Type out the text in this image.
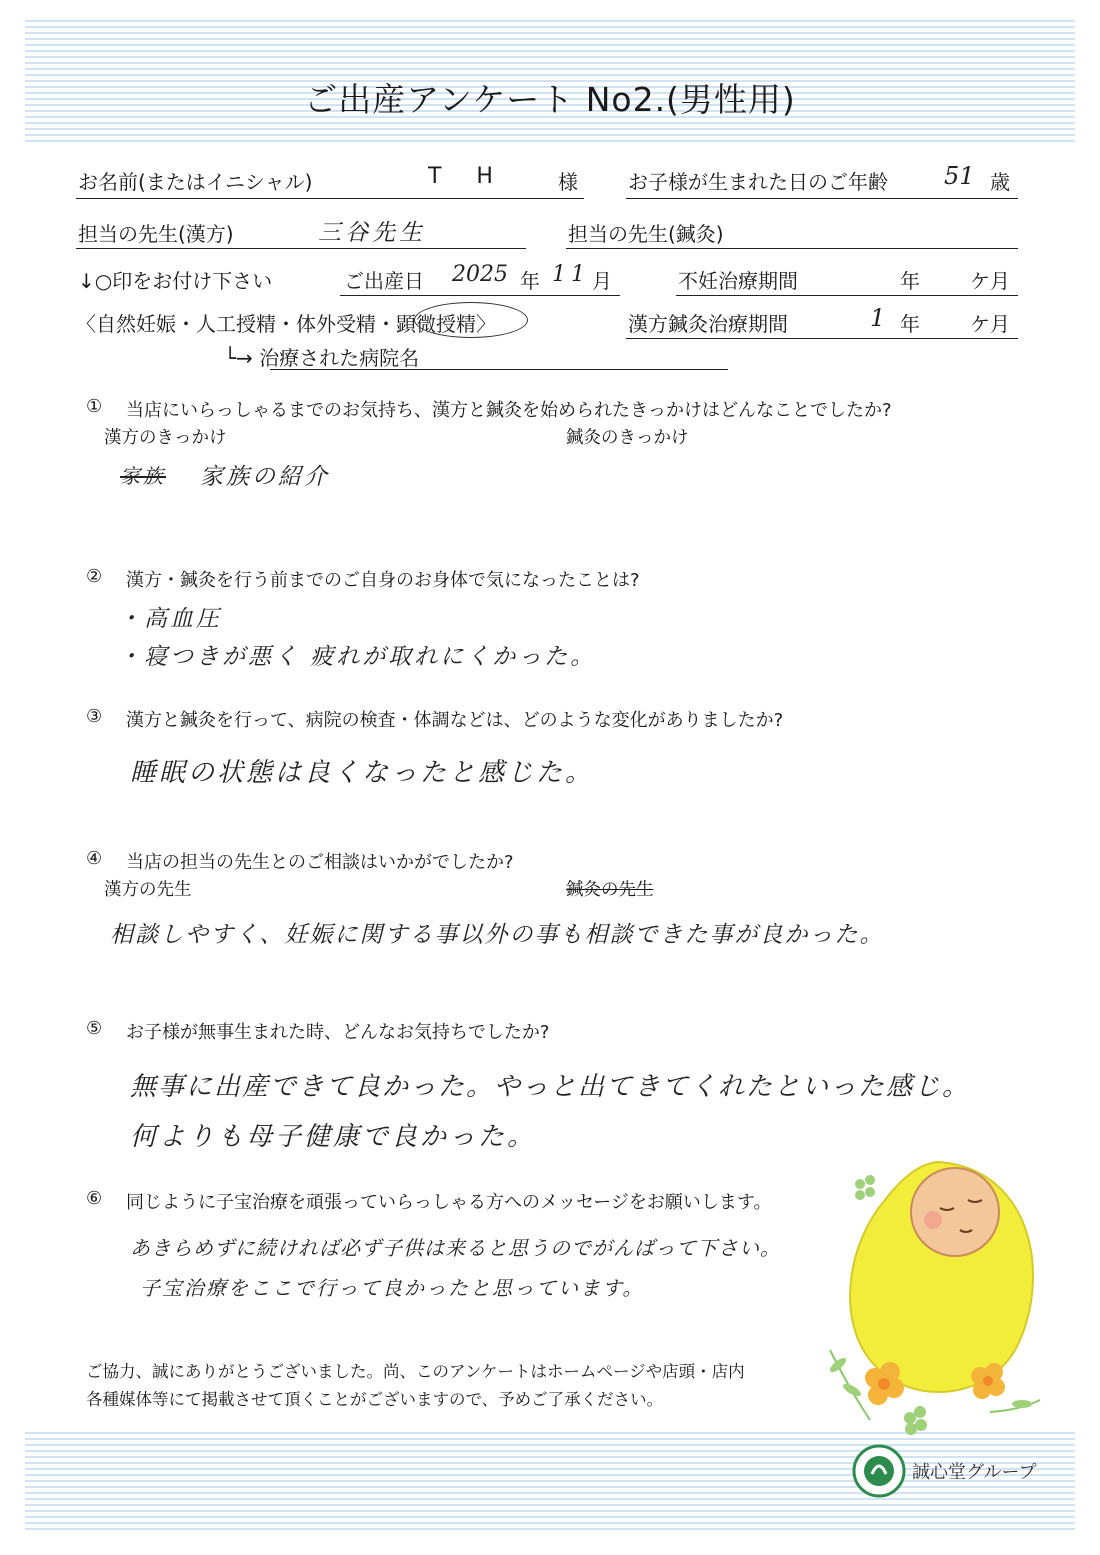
ご出産アンケート No2.(男性用)
お名前(またはイニシャル)	T H	様	お子様が生まれた日のご年齢 51 歳
担当の先生(漢方)	三谷先生	担当の先生(鍼灸)
↓○印をお付け下さい	ご出産日 2025 年 11 月	不妊治療期間	年	ケ月
〈自然妊娠・人工授精・体外受精・顕微授精〉	漢方鍼灸治療期間	1 年	ケ月
└→ 治療された病院名
① 当店にいらっしゃるまでのお気持ち、漢方と鍼灸を始められたきっかけはどんなことでしたか?
漢方のきっかけ	鍼灸のきっかけ
家族 家族の紹介
② 漢方・鍼灸を行う前までのご自身のお身体で気になったことは?
・高血圧
・寝つきが悪く 疲れが取れにくかった。
③ 漢方と鍼灸を行って、病院の検査・体調などは、どのような変化がありましたか?
睡眠の状態は良くなったと感じた。
④ 当店の担当の先生とのご相談はいかがでしたか?
漢方の先生	鍼灸の先生
相談しやすく、妊娠に関する事以外の事も相談できた事が良かった。
⑤ お子様が無事生まれた時、どんなお気持ちでしたか?
無事に出産できて良かった。やっと出てきてくれたといった感じ。
何よりも母子健康で良かった。
⑥ 同じように子宝治療を頑張っていらっしゃる方へのメッセージをお願いします。
あきらめずに続ければ必ず子供は来ると思うのでがんばって下さい。
子宝治療をここで行って良かったと思っています。
ご協力、誠にありがとうございました。尚、このアンケートはホームページや店頭・店内
各種媒体等にて掲載させて頂くことがございますので、予めご了承ください。
誠心堂グループ
